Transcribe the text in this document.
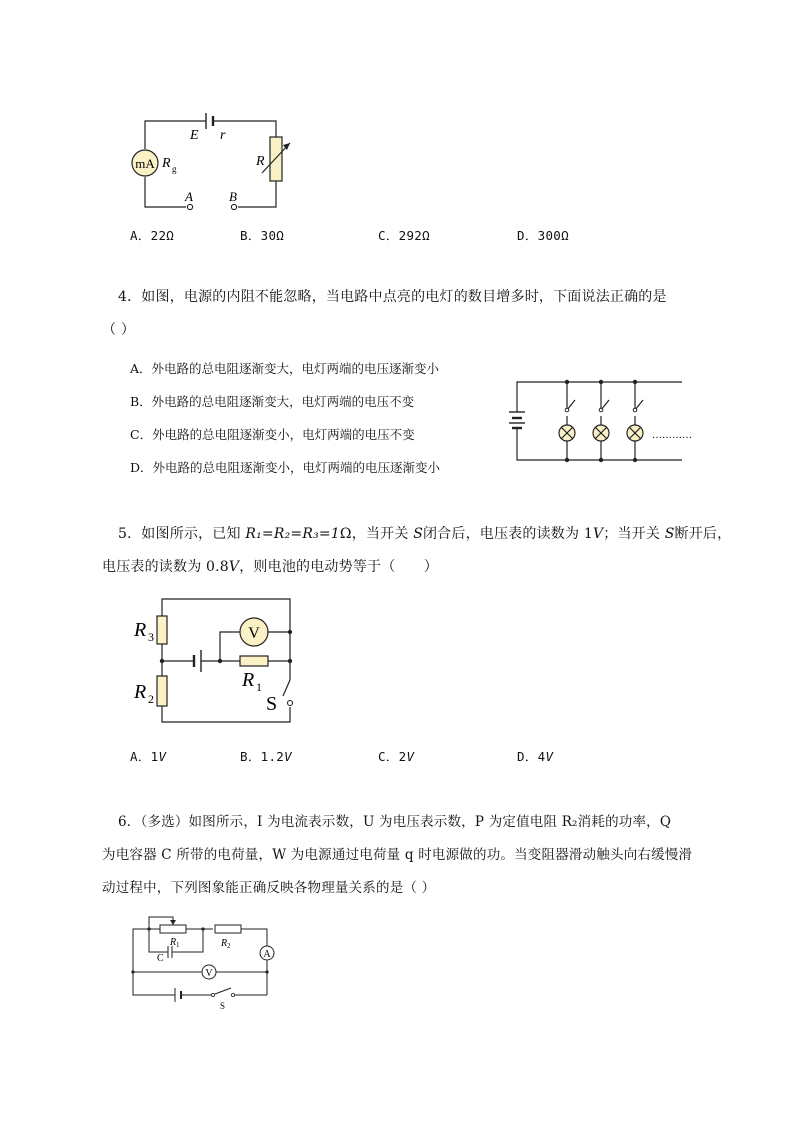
mA
E r
R g	R
A	B
A．22Ω	B．30Ω	C．292Ω	D．300Ω
4．如图，电源的内阻不能忽略，当电路中点亮的电灯的数目增多时，下面说法正确的是
（ ）
A．外电路的总电阻逐渐变大，电灯两端的电压逐渐变小
B．外电路的总电阻逐渐变大，电灯两端的电压不变
C．外电路的总电阻逐渐变小，电灯两端的电压不变
D．外电路的总电阻逐渐变小，电灯两端的电压逐渐变小
…………
5．如图所示，已知 R₁=R₂=R₃=1Ω，当开关 S闭合后，电压表的读数为 1V；当开关 S断开后，
电压表的读数为 0.8V，则电池的电动势等于（　　）
V
R 3
R 2
R 1
S
A．1V	B．1.2V	C．2V	D．4V
6．（多选）如图所示，I 为电流表示数，U 为电压表示数，P 为定值电阻 R₂消耗的功率，Q
为电容器 C 所带的电荷量，W 为电源通过电荷量 q 时电源做的功。当变阻器滑动触头向右缓慢滑
动过程中，下列图象能正确反映各物理量关系的是（ ）
A
V
R 1	R 2
C
S
